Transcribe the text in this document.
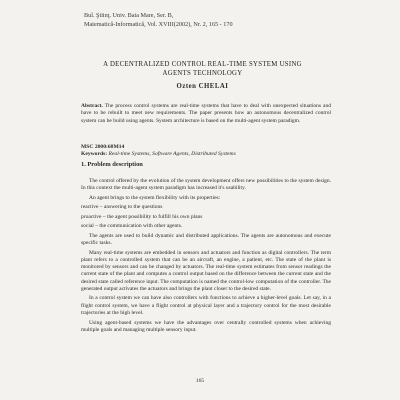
Bul. Ştiinţ. Univ. Baia Mare, Ser. B,
Matematică-Informatică, Vol. XVIII(2002), Nr. 2, 165 - 170
A DECENTRALIZED CONTROL REAL-TIME SYSTEM USING
AGENTS TECHNOLOGY
Ozten CHELAI
Abstract. The process control systems are real-time systems that have to deal with unexpected situations and have to be rebuilt to meet new requirements. The paper presents how an autonomous decentralized control system can be build using agents. System architecture is based on the multi-agent system paradigm.
MSC 2000:68M14
Keywords: Real-time Systems, Software Agents, Distributed Systems
1. Problem description

The control offered by the evolution of the system development offers new possibilities to the system design. In this context the multi-agent system paradigm has increased it's usability.

An agent brings to the system flexibility with its properties:

reactive – answering to the questions

proactive – the agent possibility to fulfill his own plans

social – the communication with other agents.

The agents are used to build dynamic and distributed applications. The agents are autonomous and execute specific tasks.

Many real-time systems are embedded in sensors and actuators and function as digital controllers. The term plant refers to a controlled system that can be an aircraft, an engine, a patient, etc. The state of the plant is monitored by sensors and can be changed by actuators. The real-time system estimates from sensor readings the current state of the plant and computes a control output based on the difference between the current state and the desired state called reference input. The computation is named the control-low computation of the controller. The generated output activates the actuators and brings the plant closer to the desired state.

In a control system we can have also controllers with functions to achieve a higher-level goals. Let say, in a flight control system, we have a flight control at physical layer and a trajectory control for the most desirable trajectories at the high level.

Using agent-based systems we have the advantages over centrally controlled systems when achieving multiple goals and managing multiple sensory input.

165
